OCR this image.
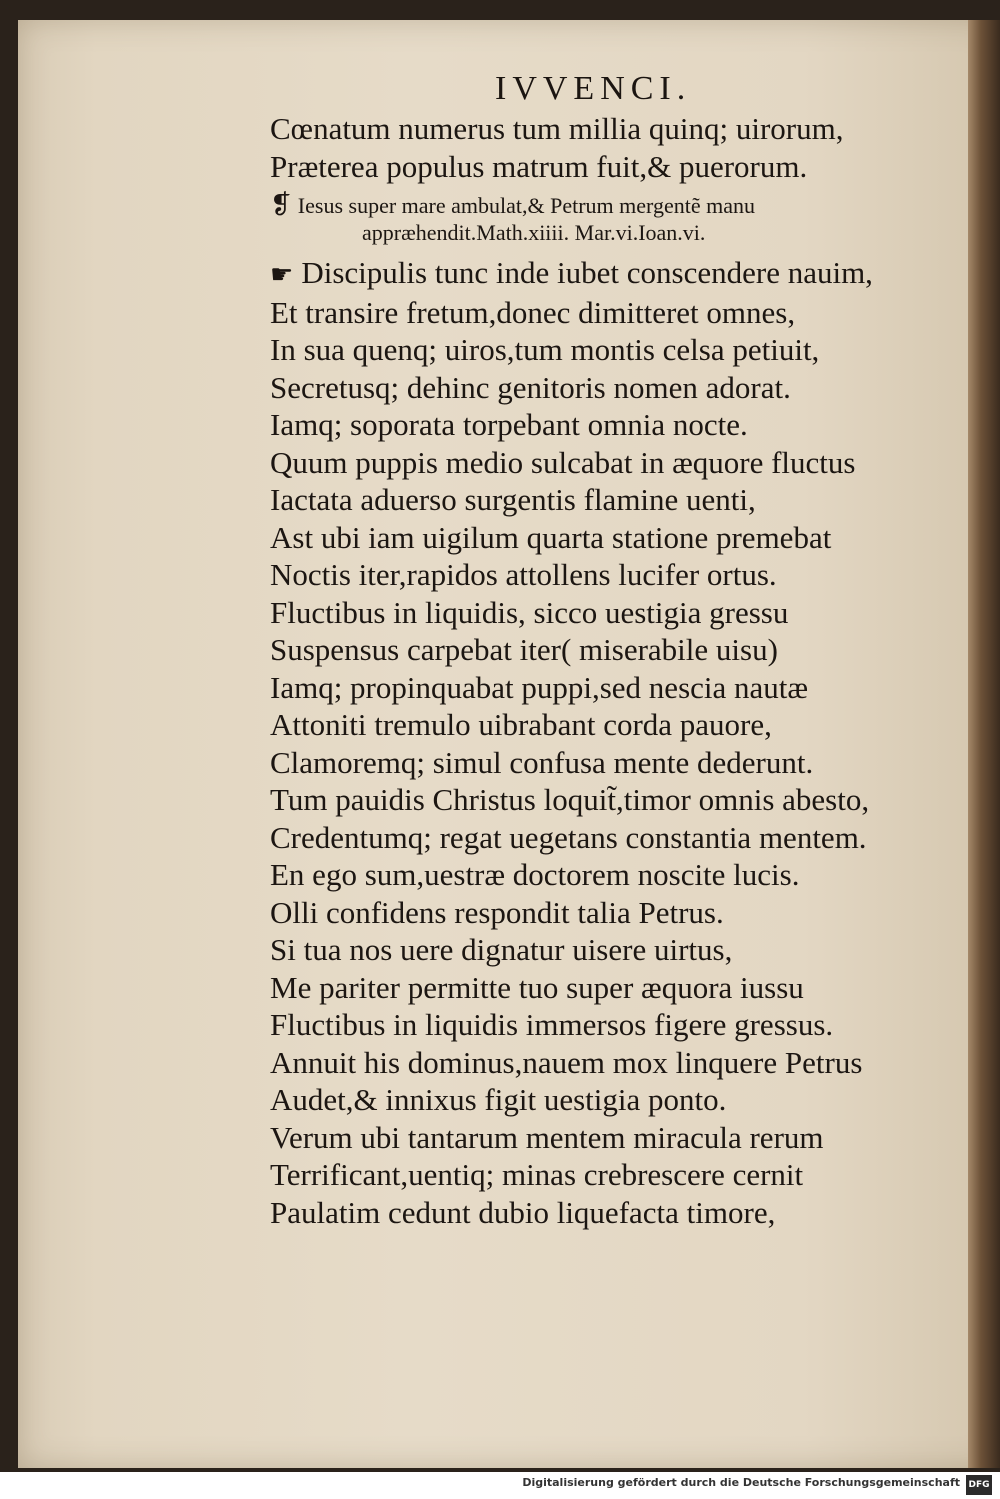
IVVENCI.

Cœnatum numerus tum millia quinq; uirorum,

Præterea populus matrum fuit,& puerorum.

❡ Iesus super mare ambulat,& Petrum mergentẽ manu
appræhendit.Math.xiiii. Mar.vi.Ioan.vi.

☛ Discipulis tunc inde iubet conscendere nauim,

Et transire fretum,donec dimitteret omnes,

In sua quenq; uiros,tum montis celsa petiuit,

Secretusq; dehinc genitoris nomen adorat.

Iamq; soporata torpebant omnia nocte.

Quum puppis medio sulcabat in æquore fluctus

Iactata aduerso surgentis flamine uenti,

Ast ubi iam uigilum quarta statione premebat

Noctis iter,rapidos attollens lucifer ortus.

Fluctibus in liquidis, sicco uestigia gressu

Suspensus carpebat iter( miserabile uisu)

Iamq; propinquabat puppi,sed nescia nautæ

Attoniti tremulo uibrabant corda pauore,

Clamoremq; simul confusa mente dederunt.

Tum pauidis Christus loquit̃,timor omnis abesto,

Credentumq; regat uegetans constantia mentem.

En ego sum,uestræ doctorem noscite lucis.

Olli confidens respondit talia Petrus.

Si tua nos uere dignatur uisere uirtus,

Me pariter permitte tuo super æquora iussu

Fluctibus in liquidis immersos figere gressus.

Annuit his dominus,nauem mox linquere Petrus

Audet,& innixus figit uestigia ponto.

Verum ubi tantarum mentem miracula rerum

Terrificant,uentiq; minas crebrescere cernit

Paulatim cedunt dubio liquefacta timore,

Digitalisierung gefördert durch die Deutsche Forschungsgemeinschaft DFG
